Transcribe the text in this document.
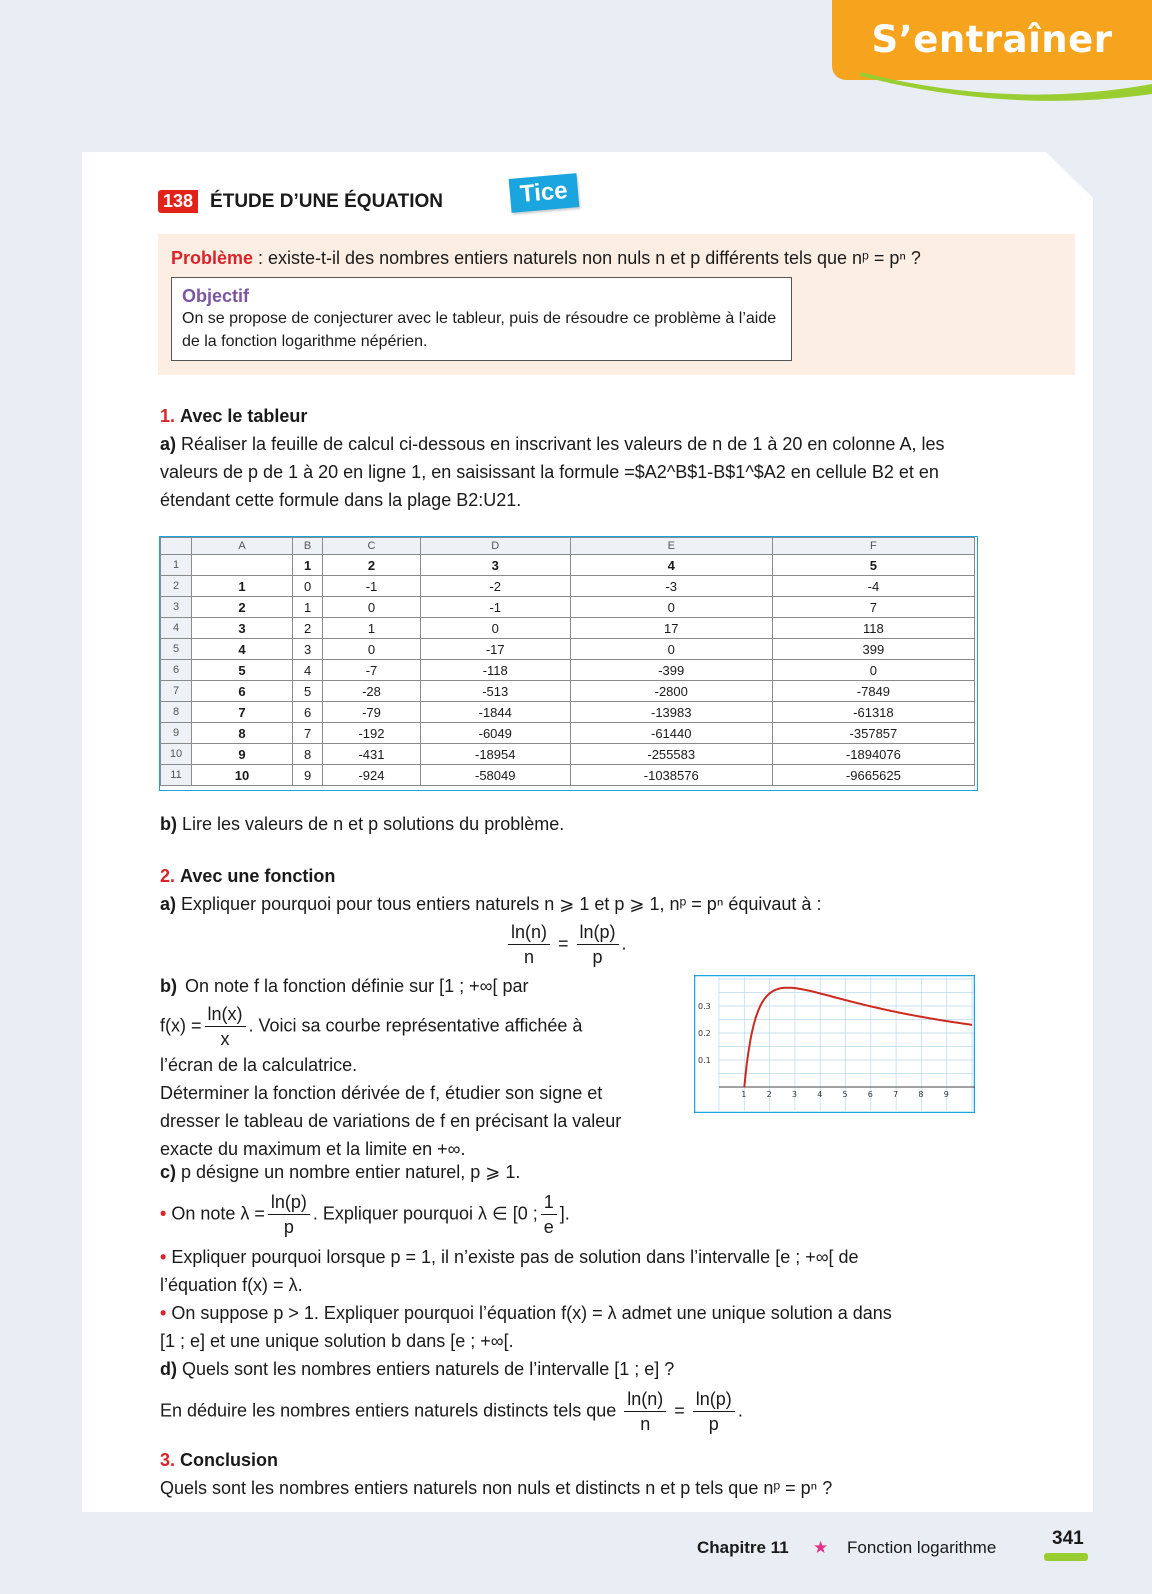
S’entraîner
138 ÉTUDE D’UNE ÉQUATION	Tice
Problème : existe-t-il des nombres entiers naturels non nuls n et p différents tels que nᵖ = pⁿ ?
Objectif
On se propose de conjecturer avec le tableur, puis de résoudre ce problème à l’aide de la fonction logarithme népérien.
1. Avec le tableur
a) Réaliser la feuille de calcul ci-dessous en inscrivant les valeurs de n de 1 à 20 en colonne A, les valeurs de p de 1 à 20 en ligne 1, en saisissant la formule =$A2^B$1-B$1^$A2 en cellule B2 et en étendant cette formule dans la plage B2:U21.
	A	B	C	D	E	F
1		1	2	3	4	5
2	1	0	-1	-2	-3	-4
3	2	1	0	-1	0	7
4	3	2	1	0	17	118
5	4	3	0	-17	0	399
6	5	4	-7	-118	-399	0
7	6	5	-28	-513	-2800	-7849
8	7	6	-79	-1844	-13983	-61318
9	8	7	-192	-6049	-61440	-357857
10	9	8	-431	-18954	-255583	-1894076
11	10	9	-924	-58049	-1038576	-9665625
b) Lire les valeurs de n et p solutions du problème.
2. Avec une fonction
a) Expliquer pourquoi pour tous entiers naturels n ⩾ 1 et p ⩾ 1, nᵖ = pⁿ équivaut à :
$\frac{\ln(n)}{n} = \frac{\ln(p)}{p}$ .
b) On note f la fonction définie sur [1 ; +∞[ par
$f(x) = \frac{\ln(x)}{x}$ . Voici sa courbe représentative affichée à
l’écran de la calculatrice.
Déterminer la fonction dérivée de f, étudier son signe et
dresser le tableau de variations de f en précisant la valeur
exacte du maximum et la limite en +∞.
1	2	3	4	5	6	7	8	9
0.1
0.2
0.3
c) p désigne un nombre entier naturel, p ⩾ 1.
• On note $\lambda = \frac{\ln(p)}{p}$ . Expliquer pourquoi λ ∈ [0 ; $\frac{1}{e}$ ].
• Expliquer pourquoi lorsque p = 1, il n’existe pas de solution dans l’intervalle [e ; +∞[ de
l’équation f(x) = λ.
• On suppose p > 1. Expliquer pourquoi l’équation f(x) = λ admet une unique solution a dans
[1 ; e] et une unique solution b dans [e ; +∞[.
d) Quels sont les nombres entiers naturels de l’intervalle [1 ; e] ?
En déduire les nombres entiers naturels distincts tels que $\frac{\ln(n)}{n} = \frac{\ln(p)}{p}$ .
3. Conclusion
Quels sont les nombres entiers naturels non nuls et distincts n et p tels que nᵖ = pⁿ ?
Chapitre 11 ★ Fonction logarithme	341
